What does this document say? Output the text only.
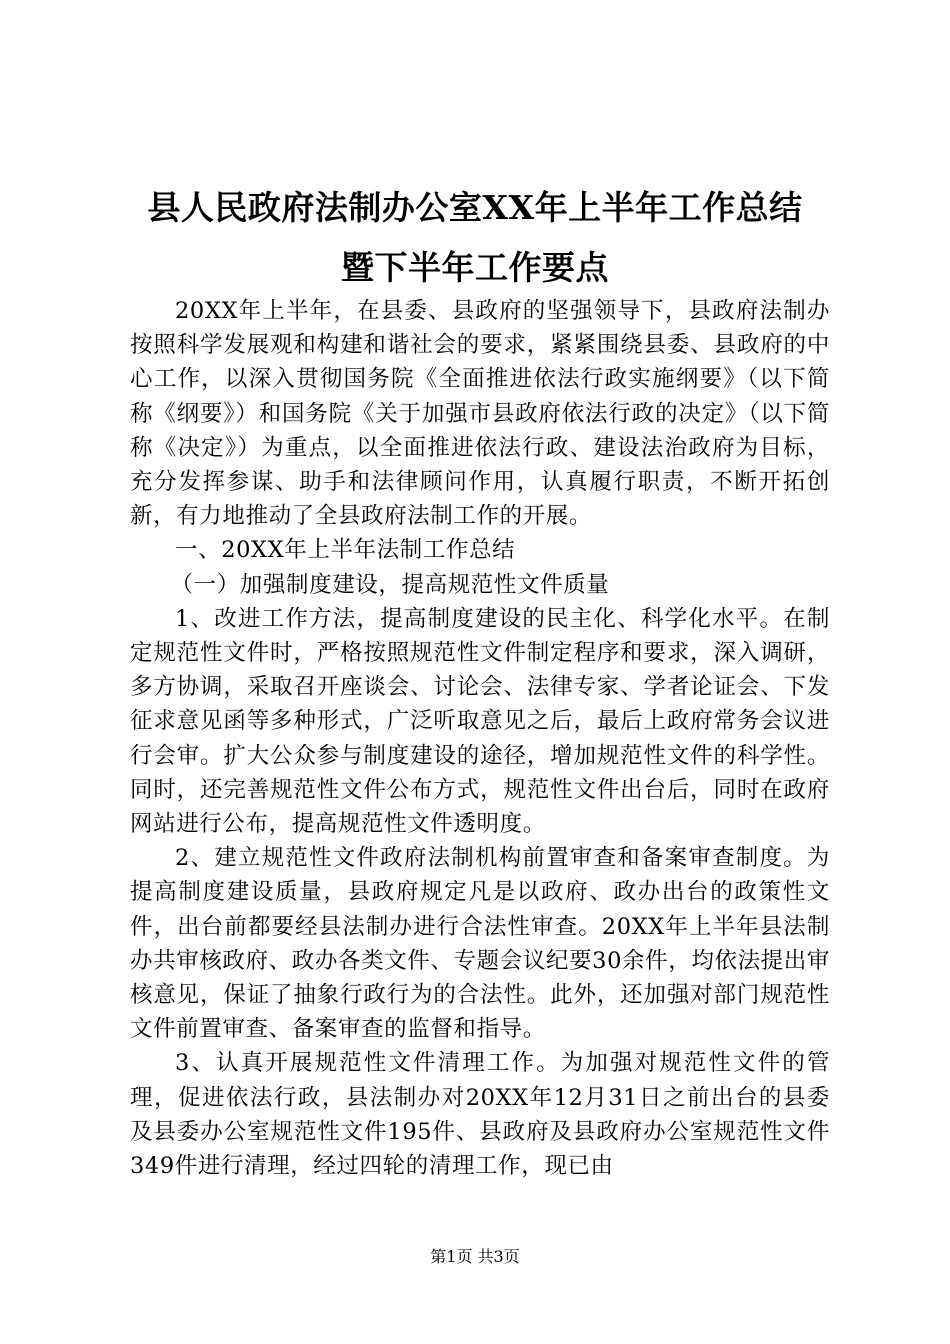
县人民政府法制办公室XX年上半年工作总结
暨下半年工作要点

20XX年上半年，在县委、县政府的坚强领导下，县政府法制办按照科学发展观和构建和谐社会的要求，紧紧围绕县委、县政府的中心工作，以深入贯彻国务院《全面推进依法行政实施纲要》（以下简称《纲要》）和国务院《关于加强市县政府依法行政的决定》（以下简称《决定》）为重点，以全面推进依法行政、建设法治政府为目标，充分发挥参谋、助手和法律顾问作用，认真履行职责，不断开拓创新，有力地推动了全县政府法制工作的开展。

一、20XX年上半年法制工作总结

（一）加强制度建设，提高规范性文件质量

1、改进工作方法，提高制度建设的民主化、科学化水平。在制定规范性文件时，严格按照规范性文件制定程序和要求，深入调研，多方协调，采取召开座谈会、讨论会、法律专家、学者论证会、下发征求意见函等多种形式，广泛听取意见之后，最后上政府常务会议进行会审。扩大公众参与制度建设的途径，增加规范性文件的科学性。同时，还完善规范性文件公布方式，规范性文件出台后，同时在政府网站进行公布，提高规范性文件透明度。

2、建立规范性文件政府法制机构前置审查和备案审查制度。为提高制度建设质量，县政府规定凡是以政府、政办出台的政策性文件，出台前都要经县法制办进行合法性审查。20XX年上半年县法制办共审核政府、政办各类文件、专题会议纪要30余件，均依法提出审核意见，保证了抽象行政行为的合法性。此外，还加强对部门规范性文件前置审查、备案审查的监督和指导。

3、认真开展规范性文件清理工作。为加强对规范性文件的管理，促进依法行政，县法制办对20XX年12月31日之前出台的县委及县委办公室规范性文件195件、县政府及县政府办公室规范性文件349件进行清理，经过四轮的清理工作，现已由

第1页 共3页
